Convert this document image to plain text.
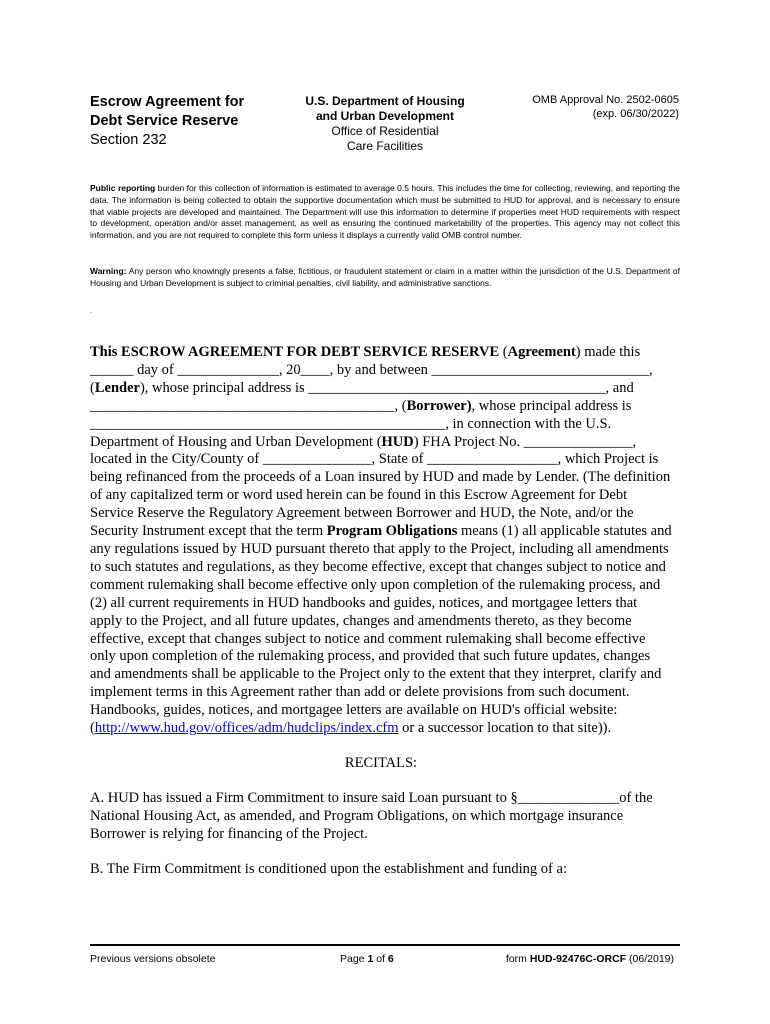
Escrow Agreement for
Debt Service Reserve
Section 232
U.S. Department of Housing
and Urban Development
Office of Residential
Care Facilities
OMB Approval No. 2502-0605
(exp. 06/30/2022)
Public reporting burden for this collection of information is estimated to average 0.5 hours. This includes the time for collecting, reviewing, and reporting the data. The information is being collected to obtain the supportive documentation which must be submitted to HUD for approval, and is necessary to ensure that viable projects are developed and maintained. The Department will use this information to determine if properties meet HUD requirements with respect to development, operation and/or asset management, as well as ensuring the continued marketability of the properties. This agency may not collect this information, and you are not required to complete this form unless it displays a currently valid OMB control number.
Warning: Any person who knowingly presents a false, fictitious, or fraudulent statement or claim in a matter within the jurisdiction of the U.S. Department of Housing and Urban Development is subject to criminal penalties, civil liability, and administrative sanctions.
.

This ESCROW AGREEMENT FOR DEBT SERVICE RESERVE (Agreement) made this ______ day of ______________, 20____, by and between ______________________________, (Lender), whose principal address is _________________________________________, and __________________________________________, (Borrower), whose principal address is _________________________________________________, in connection with the U.S. Department of Housing and Urban Development (HUD) FHA Project No. _______________, located in the City/County of _______________, State of __________________, which Project is being refinanced from the proceeds of a Loan insured by HUD and made by Lender. (The definition of any capitalized term or word used herein can be found in this Escrow Agreement for Debt Service Reserve the Regulatory Agreement between Borrower and HUD, the Note, and/or the Security Instrument except that the term Program Obligations means (1) all applicable statutes and any regulations issued by HUD pursuant thereto that apply to the Project, including all amendments to such statutes and regulations, as they become effective, except that changes subject to notice and comment rulemaking shall become effective only upon completion of the rulemaking process, and (2) all current requirements in HUD handbooks and guides, notices, and mortgagee letters that apply to the Project, and all future updates, changes and amendments thereto, as they become effective, except that changes subject to notice and comment rulemaking shall become effective only upon completion of the rulemaking process, and provided that such future updates, changes and amendments shall be applicable to the Project only to the extent that they interpret, clarify and implement terms in this Agreement rather than add or delete provisions from such document. Handbooks, guides, notices, and mortgagee letters are available on HUD's official website: (http://www.hud.gov/offices/adm/hudclips/index.cfm or a successor location to that site)).

RECITALS:

A. HUD has issued a Firm Commitment to insure said Loan pursuant to §______________of the National Housing Act, as amended, and Program Obligations, on which mortgage insurance Borrower is relying for financing of the Project.

B. The Firm Commitment is conditioned upon the establishment and funding of a:

Previous versions obsolete	Page 1 of 6	form HUD-92476C-ORCF (06/2019)
